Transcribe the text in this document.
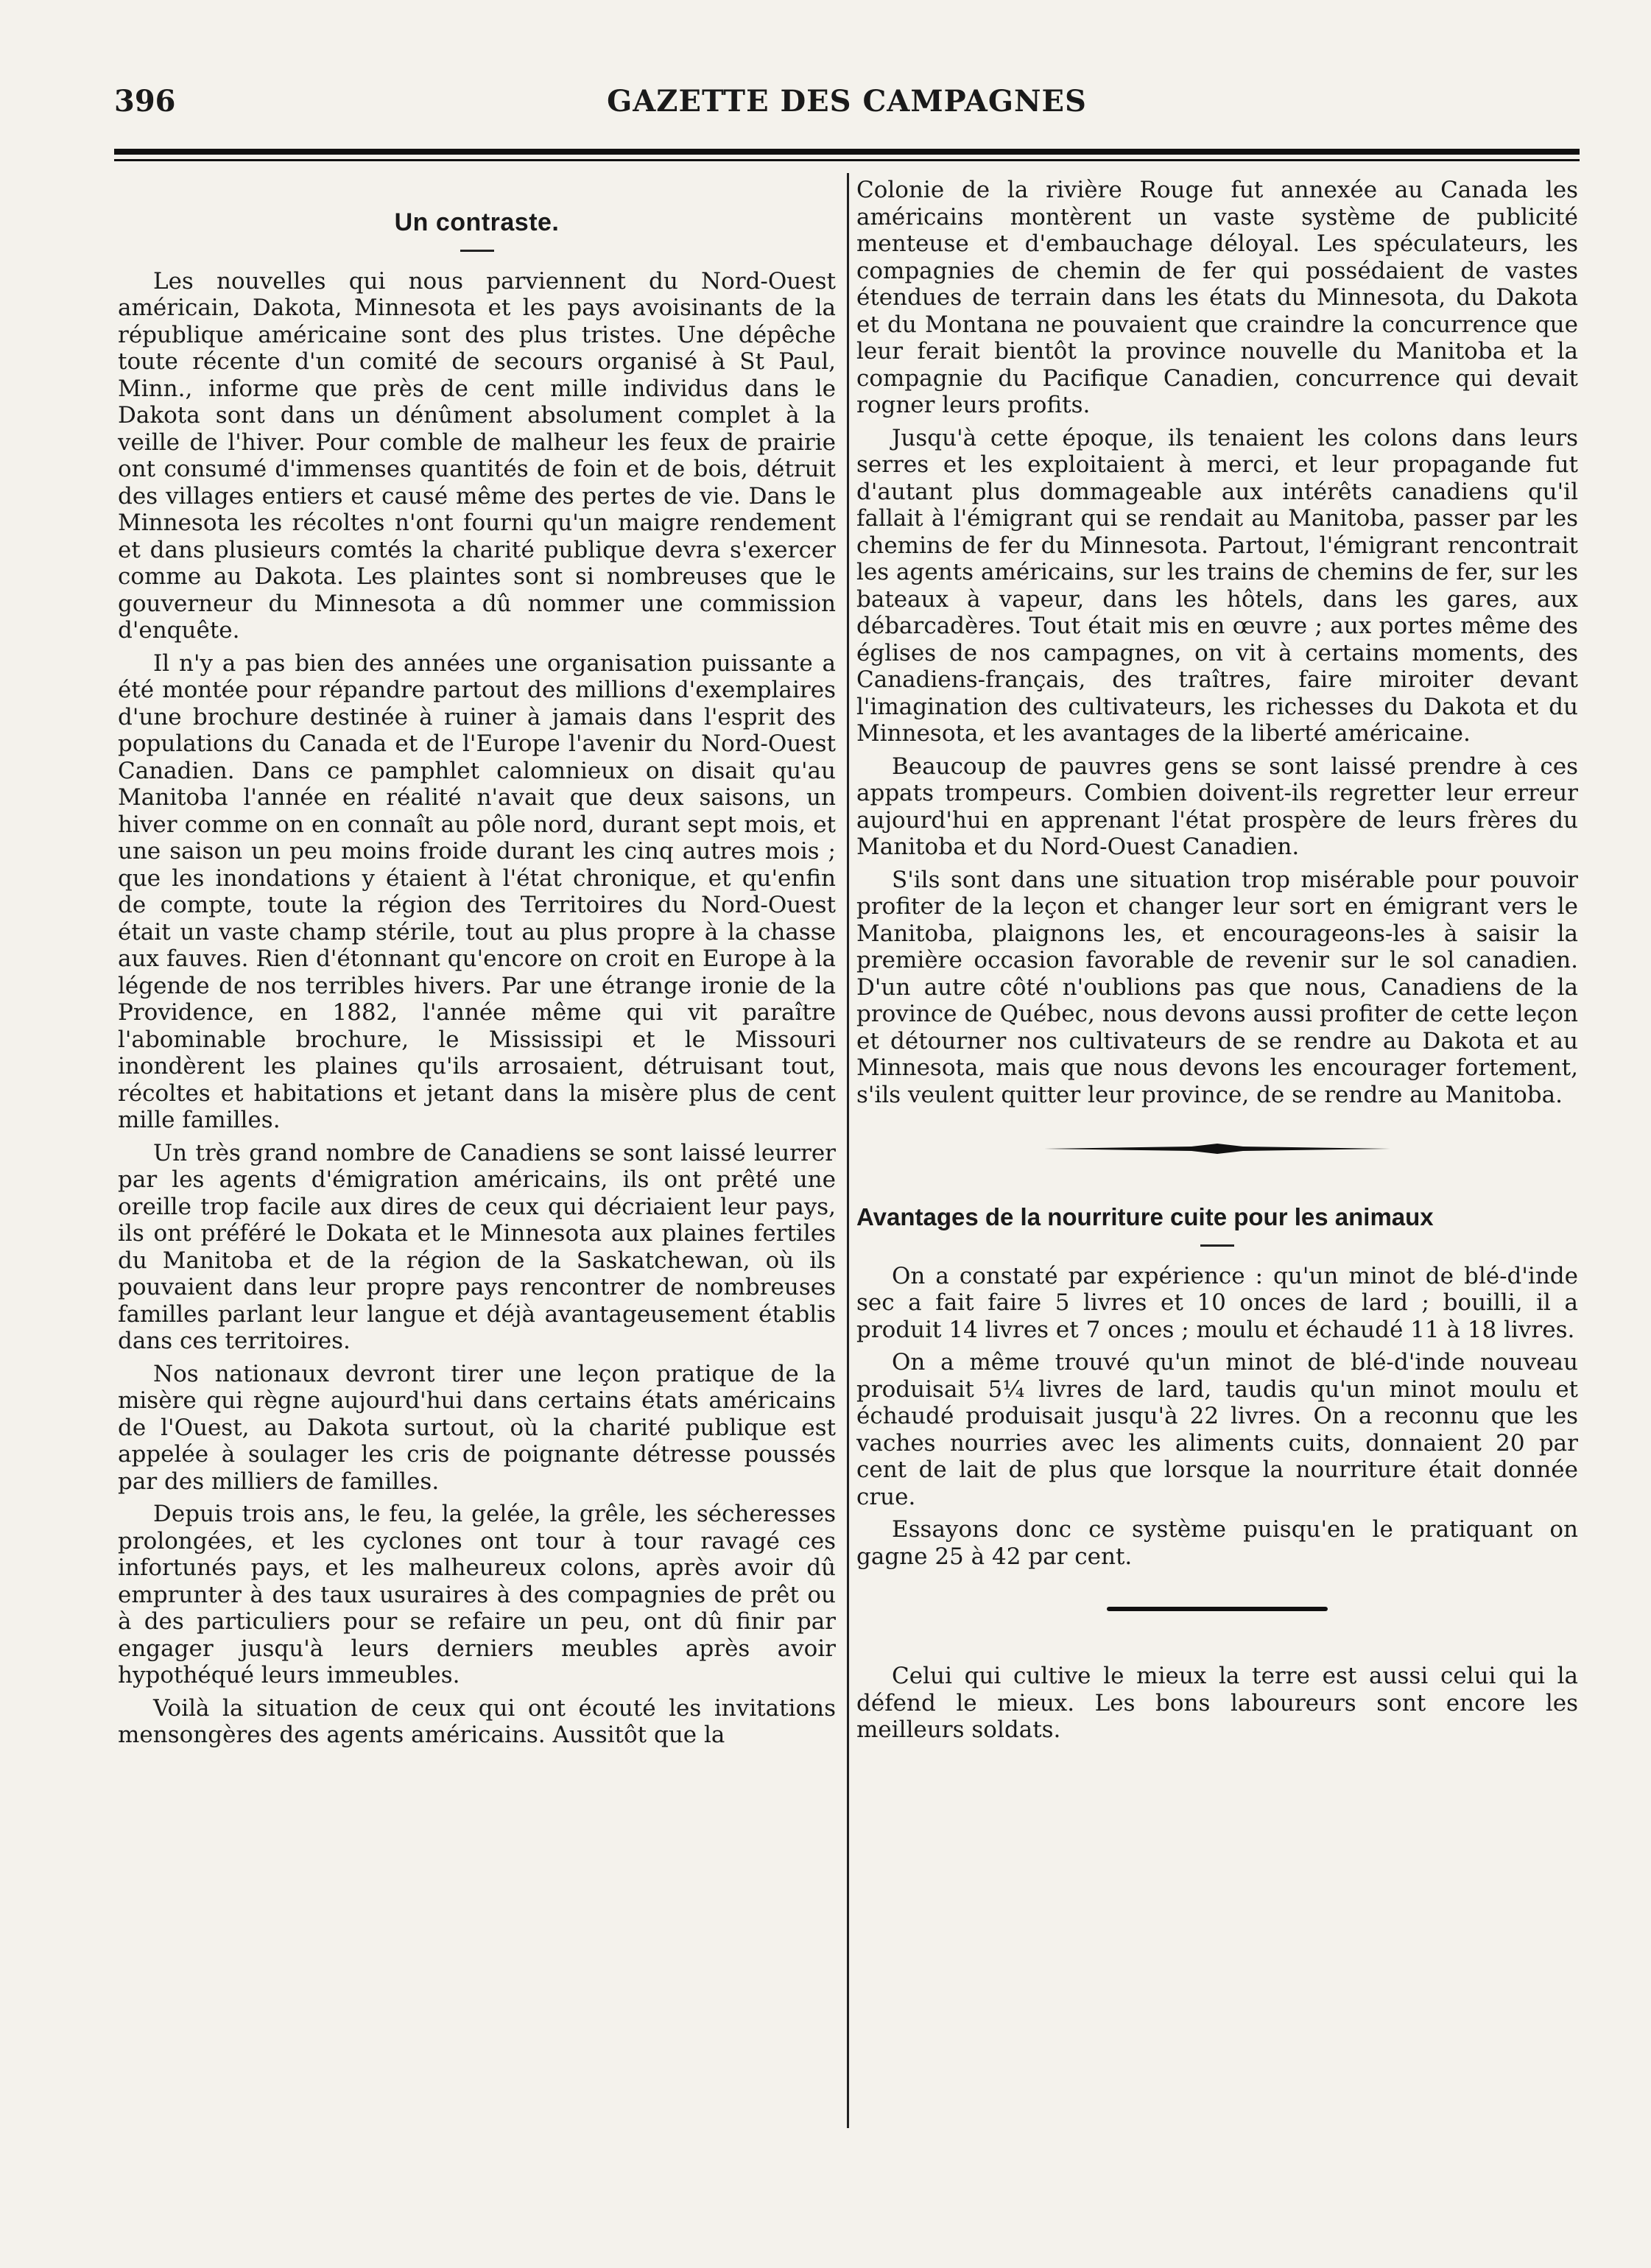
396	GAZETTE DES CAMPAGNES
Un contraste.

Les nouvelles qui nous parviennent du Nord-Ouest américain, Dakota, Minnesota et les pays avoisinants de la république américaine sont des plus tristes. Une dépêche toute récente d'un comité de secours organisé à St Paul, Minn., informe que près de cent mille individus dans le Dakota sont dans un dénûment absolument complet à la veille de l'hiver. Pour comble de malheur les feux de prairie ont consumé d'immenses quantités de foin et de bois, détruit des villages entiers et causé même des pertes de vie. Dans le Minnesota les récoltes n'ont fourni qu'un maigre rendement et dans plusieurs comtés la charité publique devra s'exercer comme au Dakota. Les plaintes sont si nombreuses que le gouverneur du Minnesota a dû nommer une commission d'enquête.

Il n'y a pas bien des années une organisation puissante a été montée pour répandre partout des millions d'exemplaires d'une brochure destinée à ruiner à jamais dans l'esprit des populations du Canada et de l'Europe l'avenir du Nord-Ouest Canadien. Dans ce pamphlet calomnieux on disait qu'au Manitoba l'année en réalité n'avait que deux saisons, un hiver comme on en connaît au pôle nord, durant sept mois, et une saison un peu moins froide durant les cinq autres mois ; que les inondations y étaient à l'état chronique, et qu'enfin de compte, toute la région des Territoires du Nord-Ouest était un vaste champ stérile, tout au plus propre à la chasse aux fauves. Rien d'étonnant qu'encore on croit en Europe à la légende de nos terribles hivers. Par une étrange ironie de la Providence, en 1882, l'année même qui vit paraître l'abominable brochure, le Mississipi et le Missouri inondèrent les plaines qu'ils arrosaient, détruisant tout, récoltes et habitations et jetant dans la misère plus de cent mille familles.

Un très grand nombre de Canadiens se sont laissé leurrer par les agents d'émigration américains, ils ont prêté une oreille trop facile aux dires de ceux qui décriaient leur pays, ils ont préféré le Dokata et le Minnesota aux plaines fertiles du Manitoba et de la région de la Saskatchewan, où ils pouvaient dans leur propre pays rencontrer de nombreuses familles parlant leur langue et déjà avantageusement établis dans ces territoires.

Nos nationaux devront tirer une leçon pratique de la misère qui règne aujourd'hui dans certains états américains de l'Ouest, au Dakota surtout, où la charité publique est appelée à soulager les cris de poignante détresse poussés par des milliers de familles.

Depuis trois ans, le feu, la gelée, la grêle, les sécheresses prolongées, et les cyclones ont tour à tour ravagé ces infortunés pays, et les malheureux colons, après avoir dû emprunter à des taux usuraires à des compagnies de prêt ou à des particuliers pour se refaire un peu, ont dû finir par engager jusqu'à leurs derniers meubles après avoir hypothéqué leurs immeubles.

Voilà la situation de ceux qui ont écouté les invitations mensongères des agents américains. Aussitôt que la

Colonie de la rivière Rouge fut annexée au Canada les américains montèrent un vaste système de publicité menteuse et d'embauchage déloyal. Les spéculateurs, les compagnies de chemin de fer qui possédaient de vastes étendues de terrain dans les états du Minnesota, du Dakota et du Montana ne pouvaient que craindre la concurrence que leur ferait bientôt la province nouvelle du Manitoba et la compagnie du Pacifique Canadien, concurrence qui devait rogner leurs profits.

Jusqu'à cette époque, ils tenaient les colons dans leurs serres et les exploitaient à merci, et leur propagande fut d'autant plus dommageable aux intérêts canadiens qu'il fallait à l'émigrant qui se rendait au Manitoba, passer par les chemins de fer du Minnesota. Partout, l'émigrant rencontrait les agents américains, sur les trains de chemins de fer, sur les bateaux à vapeur, dans les hôtels, dans les gares, aux débarcadères. Tout était mis en œuvre ; aux portes même des églises de nos campagnes, on vit à certains moments, des Canadiens-français, des traîtres, faire miroiter devant l'imagination des cultivateurs, les richesses du Dakota et du Minnesota, et les avantages de la liberté américaine.

Beaucoup de pauvres gens se sont laissé prendre à ces appats trompeurs. Combien doivent-ils regretter leur erreur aujourd'hui en apprenant l'état prospère de leurs frères du Manitoba et du Nord-Ouest Canadien.

S'ils sont dans une situation trop misérable pour pouvoir profiter de la leçon et changer leur sort en émigrant vers le Manitoba, plaignons les, et encourageons-les à saisir la première occasion favorable de revenir sur le sol canadien. D'un autre côté n'oublions pas que nous, Canadiens de la province de Québec, nous devons aussi profiter de cette leçon et détourner nos cultivateurs de se rendre au Dakota et au Minnesota, mais que nous devons les encourager fortement, s'ils veulent quitter leur province, de se rendre au Manitoba.

Avantages de la nourriture cuite pour les animaux

On a constaté par expérience : qu'un minot de blé-d'inde sec a fait faire 5 livres et 10 onces de lard ; bouilli, il a produit 14 livres et 7 onces ; moulu et échaudé 11 à 18 livres.

On a même trouvé qu'un minot de blé-d'inde nouveau produisait 5¼ livres de lard, taudis qu'un minot moulu et échaudé produisait jusqu'à 22 livres. On a reconnu que les vaches nourries avec les aliments cuits, donnaient 20 par cent de lait de plus que lorsque la nourriture était donnée crue.

Essayons donc ce système puisqu'en le pratiquant on gagne 25 à 42 par cent.

Celui qui cultive le mieux la terre est aussi celui qui la défend le mieux. Les bons laboureurs sont encore les meilleurs soldats.
